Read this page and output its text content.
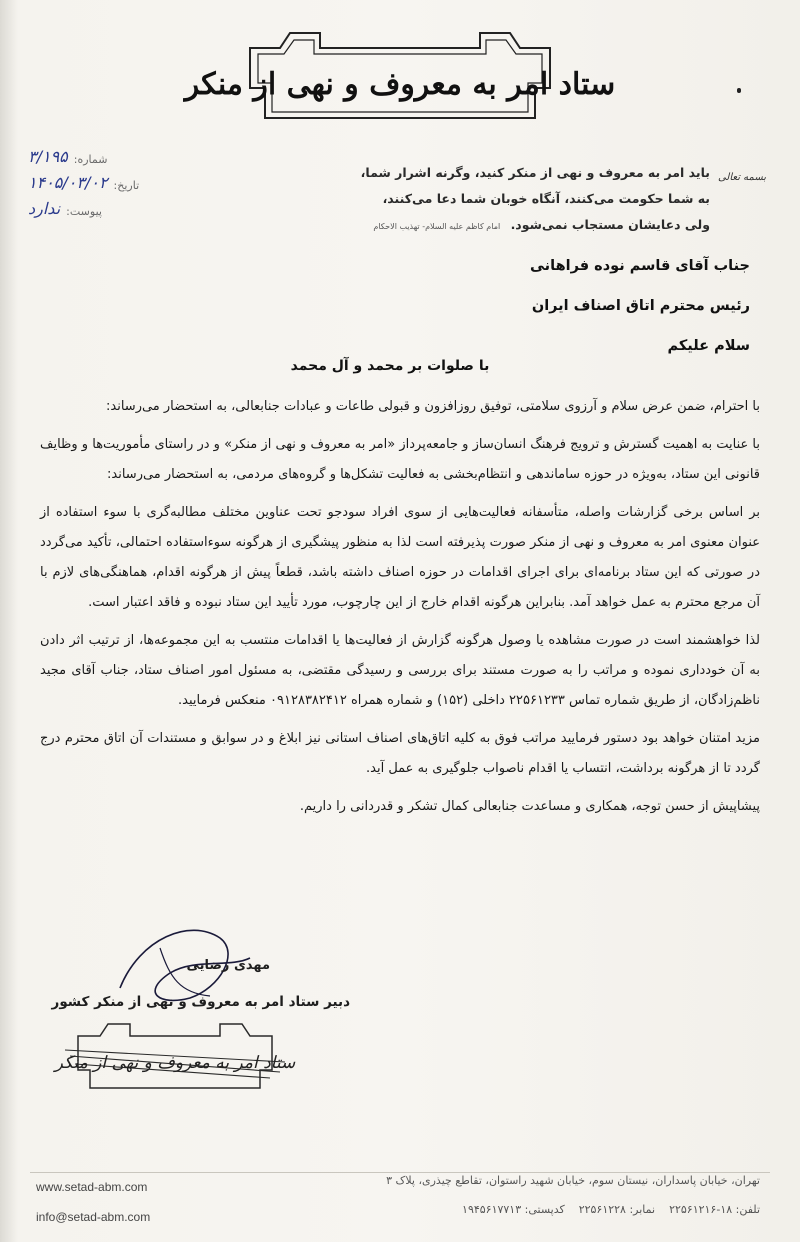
ستاد امر به معروف و نهی از منکر
بسمه تعالی
شماره:
۳/۱۹۵
تاریخ:
۱۴۰۵/۰۳/۰۲
پیوست:
ندارد
باید امر به معروف و نهی از منکر کنید، وگرنه اشرار شما،
به شما حکومت می‌کنند، آنگاه خوبان شما دعا می‌کنند،
ولی دعایشان مستجاب نمی‌شود. امام کاظم علیه السلام- تهذیب الاحکام
جناب آقای قاسم نوده فراهانی
رئیس محترم اتاق اصناف ایران
سلام علیکم
با صلوات بر محمد و آل محمد

با احترام، ضمن عرض سلام و آرزوی سلامتی، توفیق روزافزون و قبولی طاعات و عبادات جنابعالی، به استحضار می‌رساند:

با عنایت به اهمیت گسترش و ترویج فرهنگ انسان‌ساز و جامعه‌پرداز «امر به معروف و نهی از منکر» و در راستای مأموریت‌ها و وظایف قانونی این ستاد، به‌ویژه در حوزه ساماندهی و انتظام‌بخشی به فعالیت تشکل‌ها و گروه‌های مردمی، به استحضار می‌رساند:

بر اساس برخی گزارشات واصله، متأسفانه فعالیت‌هایی از سوی افراد سودجو تحت عناوین مختلف مطالبه‌گری با سوء استفاده از عنوان معنوی امر به معروف و نهی از منکر صورت پذیرفته است لذا به منظور پیشگیری از هرگونه سوءاستفاده احتمالی، تأکید می‌گردد در صورتی که این ستاد برنامه‌ای برای اجرای اقدامات در حوزه اصناف داشته باشد، قطعاً پیش از هرگونه اقدام، هماهنگی‌های لازم با آن مرجع محترم به عمل خواهد آمد. بنابراین هرگونه اقدام خارج از این چارچوب، مورد تأیید این ستاد نبوده و فاقد اعتبار است.

لذا خواهشمند است در صورت مشاهده یا وصول هرگونه گزارش از فعالیت‌ها یا اقدامات منتسب به این مجموعه‌ها، از ترتیب اثر دادن به آن خودداری نموده و مراتب را به صورت مستند برای بررسی و رسیدگی مقتضی، به مسئول امور اصناف ستاد، جناب آقای مجید ناظم‌زادگان، از طریق شماره تماس ۲۲۵۶۱۲۳۳ داخلی (۱۵۲) و شماره همراه ۰۹۱۲۸۳۸۲۴۱۲ منعکس فرمایید.

مزید امتنان خواهد بود دستور فرمایید مراتب فوق به کلیه اتاق‌های اصناف استانی نیز ابلاغ و در سوابق و مستندات آن اتاق محترم درج گردد تا از هرگونه برداشت، انتساب یا اقدام ناصواب جلوگیری به عمل آید.

پیشاپیش از حسن توجه، همکاری و مساعدت جنابعالی کمال تشکر و قدردانی را داریم.

مهدی رضایی
دبیر ستاد امر به معروف و نهی از منکر کشور
ستاد امر به معروف و نهی از منکر
www.setad-abm.com
info@setad-abm.com
تهران، خیابان پاسداران، نیستان سوم، خیابان شهید راستوان، تقاطع چیذری، پلاک ۳
تلفن: ۱۸-۲۲۵۶۱۲۱۶    نمابر: ۲۲۵۶۱۲۲۸    کدپستی: ۱۹۴۵۶۱۷۷۱۳
